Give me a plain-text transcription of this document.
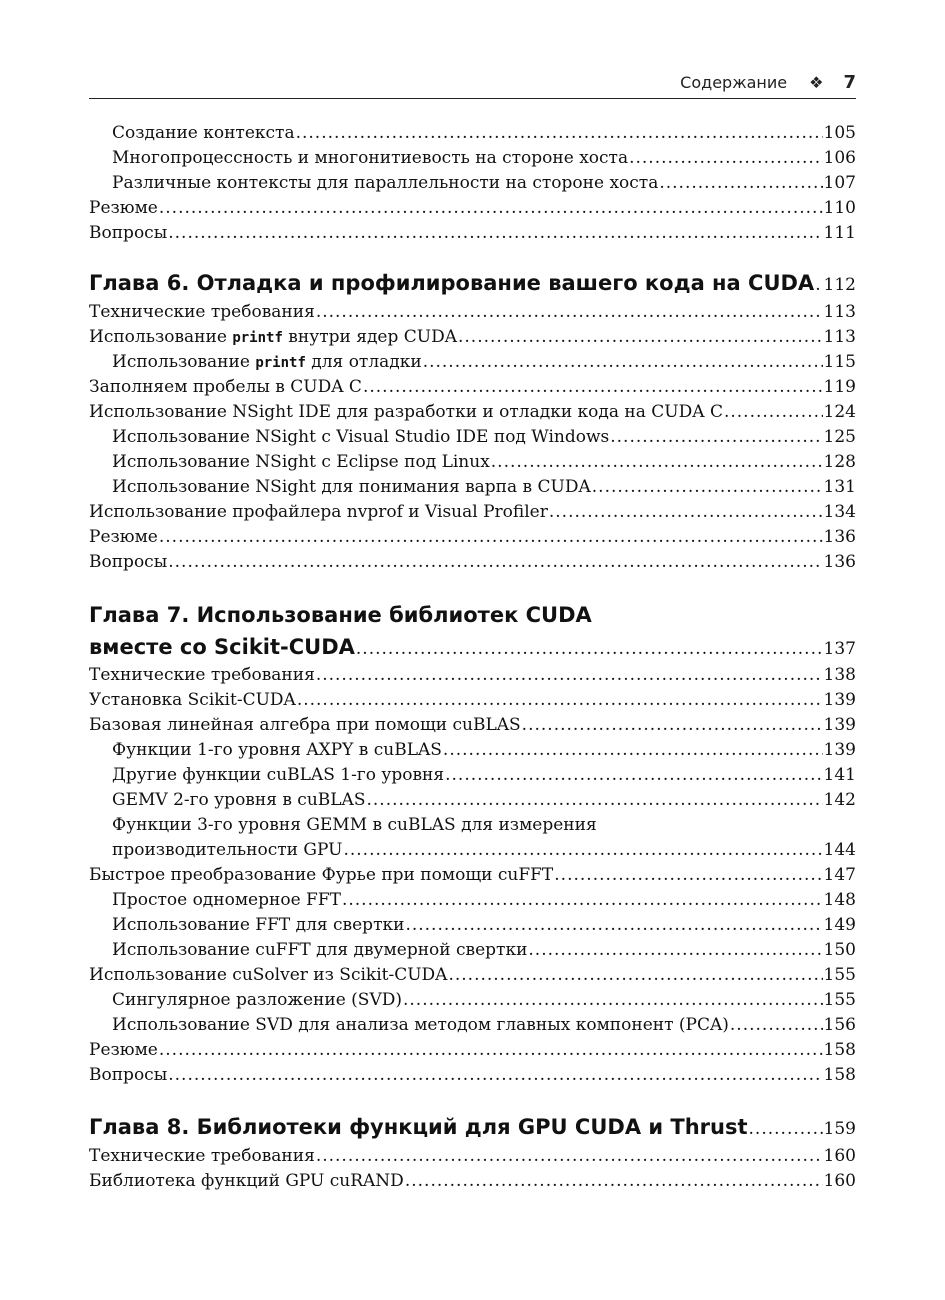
Содержание ❖ 7
Создание контекста .....	105
Многопроцессность и многонитиевость на стороне хоста .....	106
Различные контексты для параллельности на стороне хоста .....	107
Резюме .....	110
Вопросы .....	111
Глава 6. Отладка и профилирование вашего кода на CUDA ..... 112
Технические требования .....	113
Использование printf внутри ядер CUDA .....	113
Использование printf для отладки .....	115
Заполняем пробелы в CUDA C .....	119
Использование NSight IDE для разработки и отладки кода на CUDA C .....	124
Использование NSight с Visual Studio IDE под Windows .....	125
Использование NSight с Eclipse под Linux .....	128
Использование NSight для понимания варпа в CUDA .....	131
Использование профайлера nvprof и Visual Profiler .....	134
Резюме .....	136
Вопросы .....	136
Глава 7. Использование библиотек CUDA
вместе со Scikit-CUDA .....	137
Технические требования .....	138
Установка Scikit-CUDA .....	139
Базовая линейная алгебра при помощи cuBLAS .....	139
Функции 1-го уровня AXPY в cuBLAS .....	139
Другие функции cuBLAS 1-го уровня .....	141
GEMV 2-го уровня в cuBLAS .....	142
Функции 3-го уровня GEMM в cuBLAS для измерения
производительности GPU .....	144
Быстрое преобразование Фурье при помощи cuFFT .....	147
Простое одномерное FFT .....	148
Использование FFT для свертки .....	149
Использование cuFFT для двумерной свертки .....	150
Использование cuSolver из Scikit-CUDA .....	155
Сингулярное разложение (SVD) .....	155
Использование SVD для анализа методом главных компонент (PCA) .....	156
Резюме .....	158
Вопросы .....	158
Глава 8. Библиотеки функций для GPU CUDA и Thrust .....	159
Технические требования .....	160
Библиотека функций GPU cuRAND .....	160
